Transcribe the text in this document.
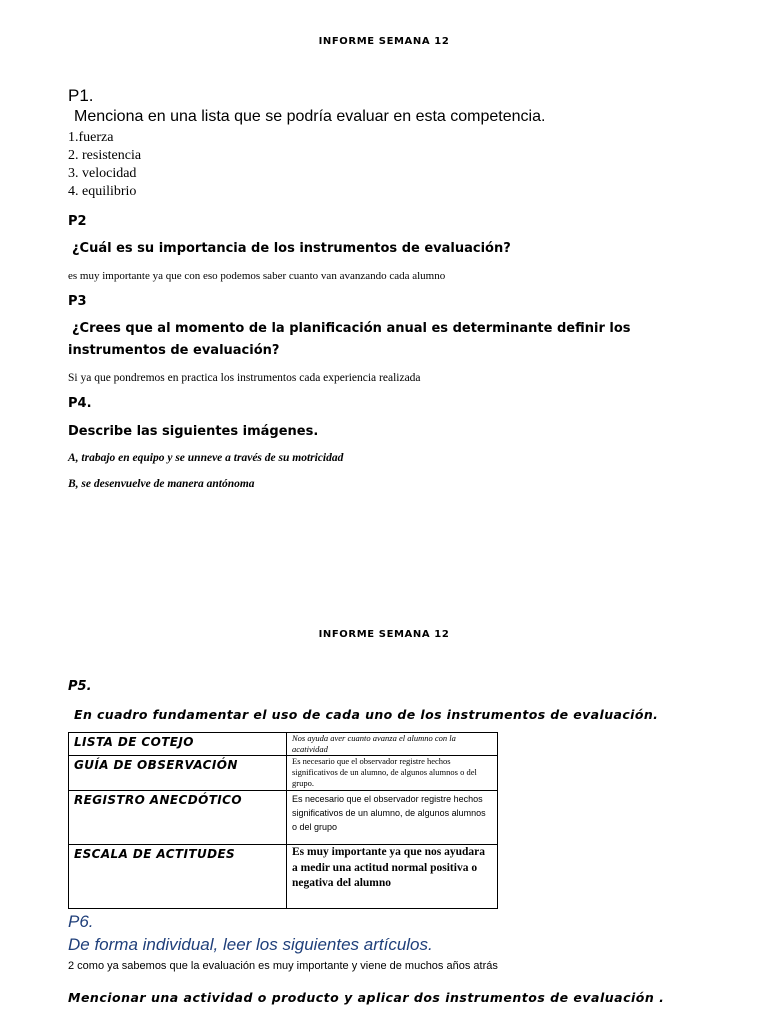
INFORME SEMANA 12
P1.
Menciona en una lista que se podría evaluar en esta competencia.
1.fuerza
2. resistencia
3. velocidad
4. equilibrio
P2
¿Cuál es su importancia de los instrumentos de evaluación?
es muy importante ya que con eso podemos saber cuanto van avanzando cada alumno
P3
¿Crees que al momento de la planificación anual es determinante definir los
instrumentos de evaluación?
Si ya que pondremos en practica los instrumentos cada experiencia realizada
P4.
Describe las siguientes imágenes.
A, trabajo en equipo y se unneve a través de su motricidad
B, se desenvuelve de manera antónoma
INFORME SEMANA 12
P5.
En cuadro fundamentar el uso de cada uno de los instrumentos de evaluación.
LISTA DE COTEJO	Nos ayuda aver cuanto avanza el alumno con la acatividad
GUÍA DE OBSERVACIÓN	Es necesario que el observador registre hechos significativos de un alumno, de algunos alumnos o del grupo.
REGISTRO ANECDÓTICO	Es necesario que el observador registre hechos significativos de un alumno, de algunos alumnos o del grupo
ESCALA DE ACTITUDES	Es muy importante ya que nos ayudara a medir una actitud normal positiva o negativa del alumno
P6.
De forma individual, leer los siguientes artículos.
2 como ya sabemos que la evaluación es muy importante y viene de muchos años atrás
Mencionar una actividad o producto y aplicar dos instrumentos de evaluación .
